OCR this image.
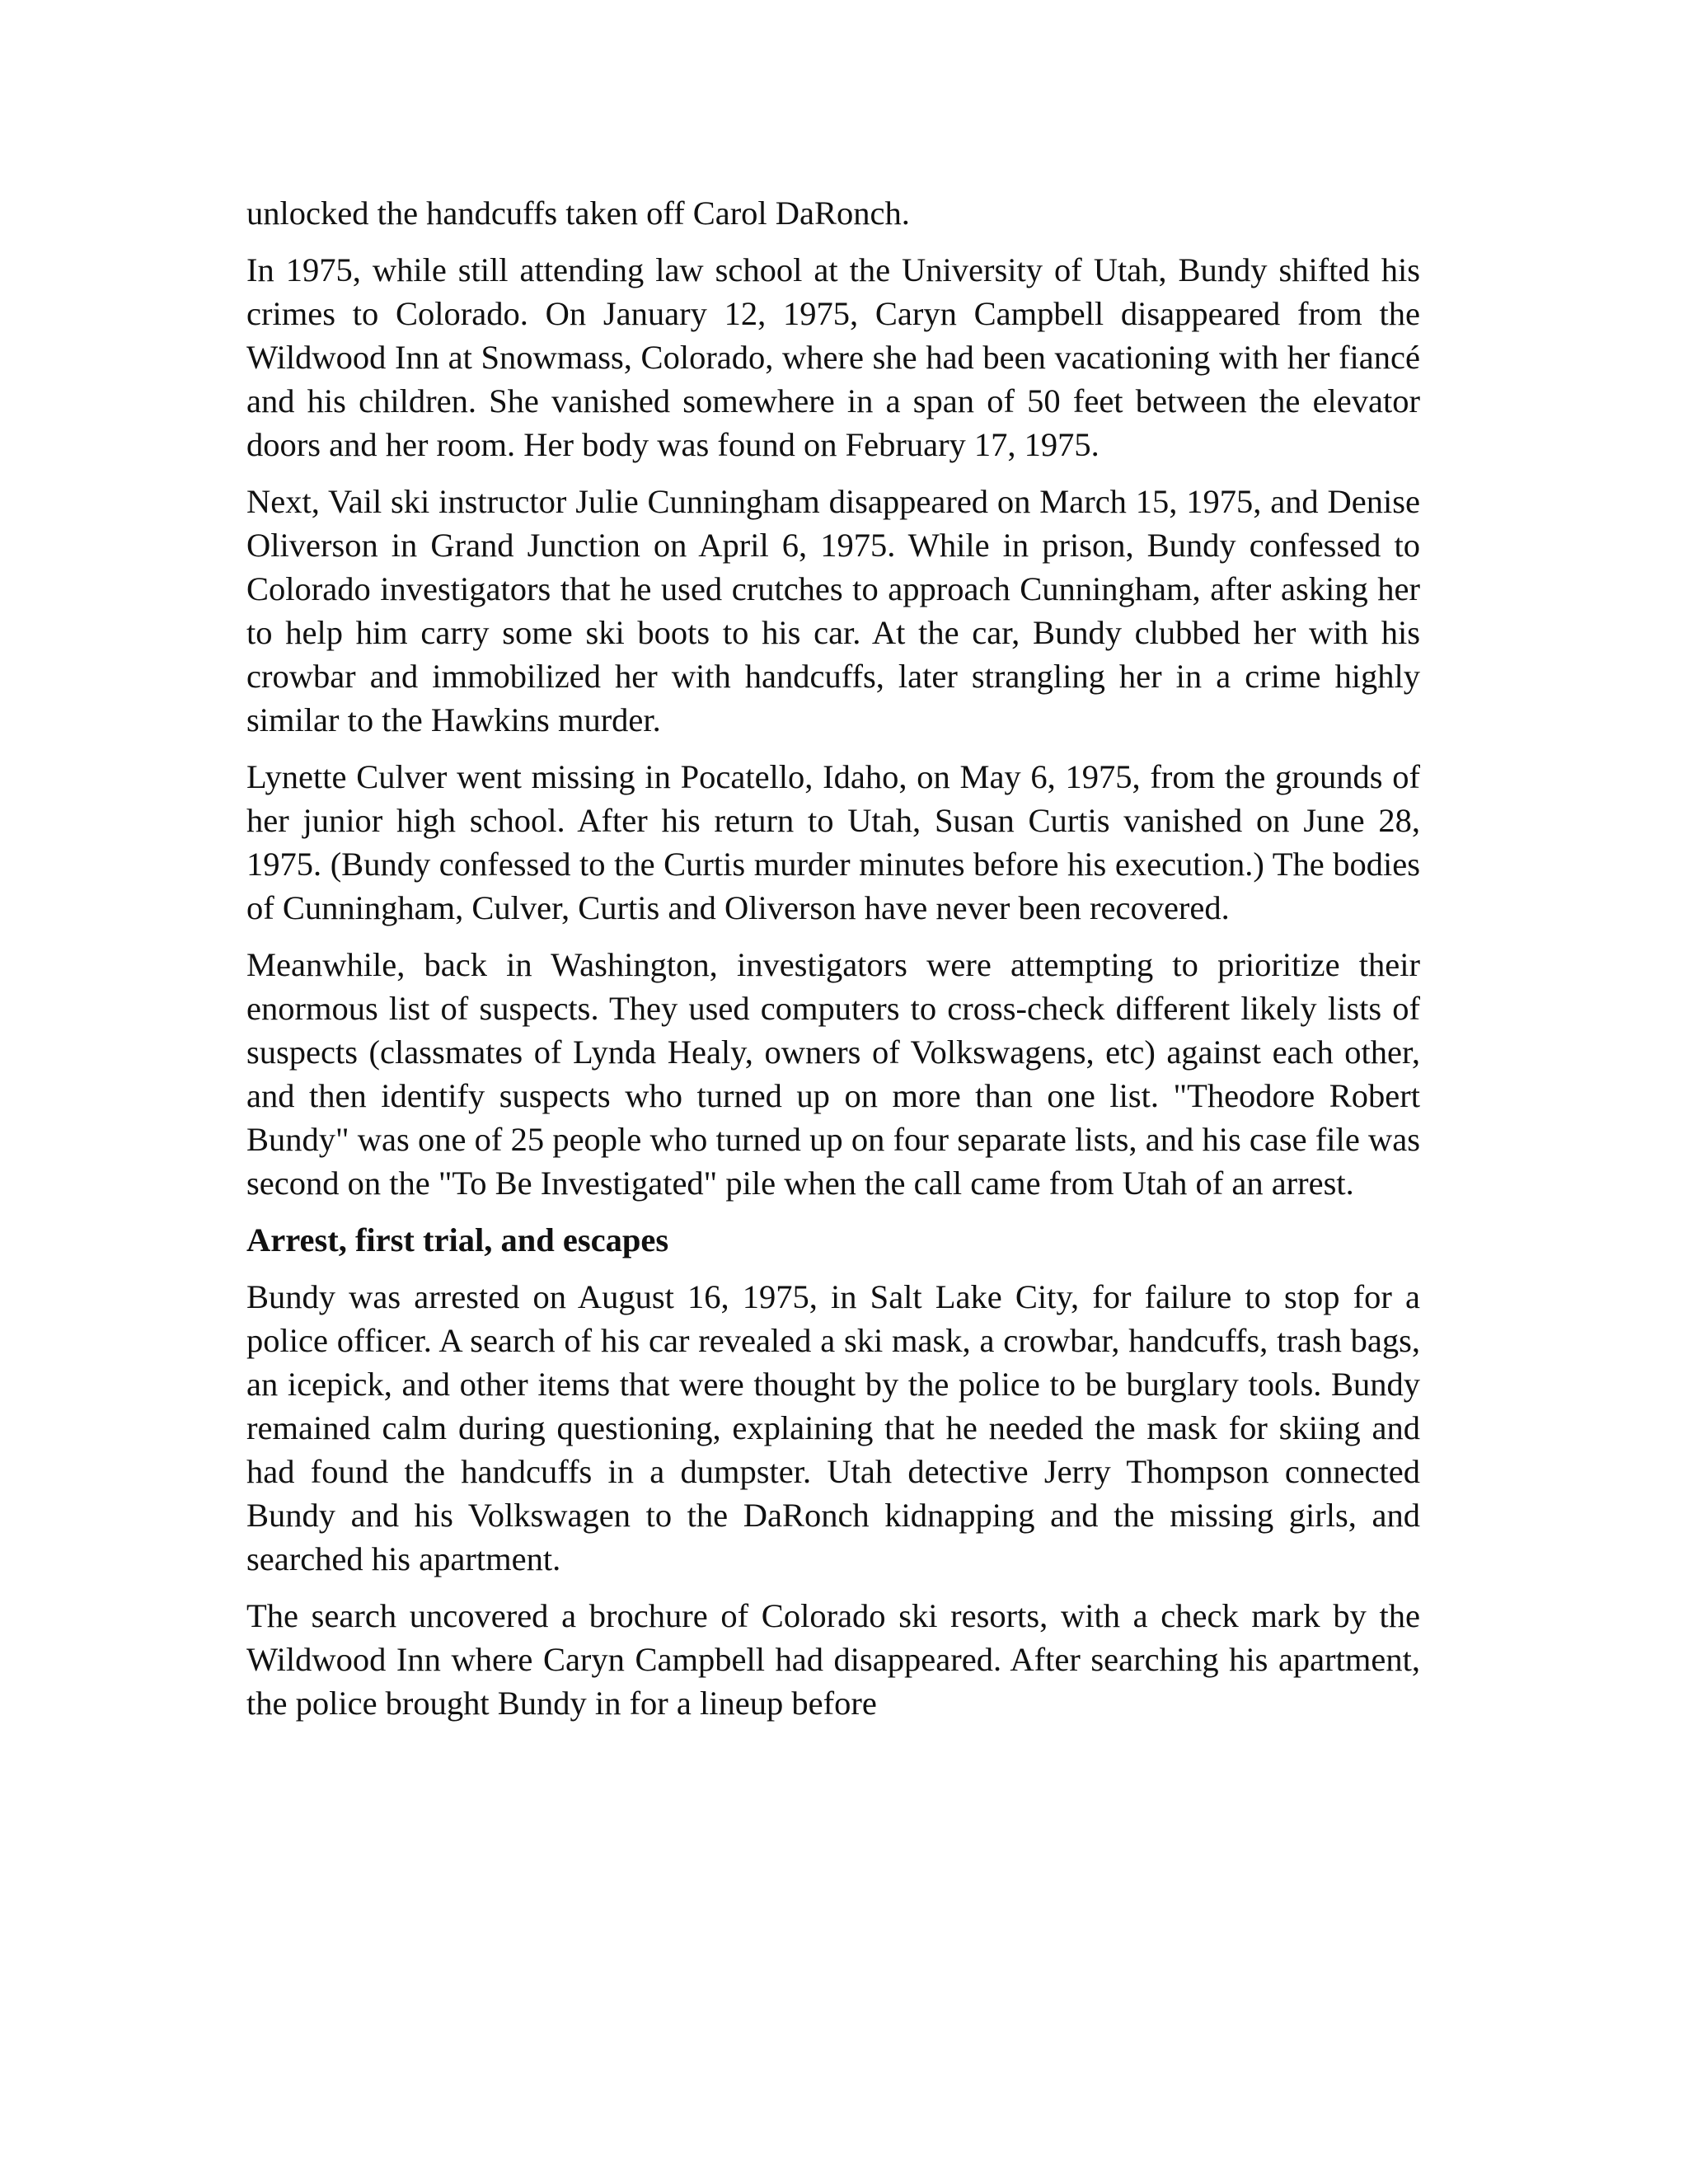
unlocked the handcuffs taken off Carol DaRonch.

In 1975, while still attending law school at the University of Utah, Bundy shifted his crimes to Colorado. On January 12, 1975, Caryn Campbell disappeared from the Wildwood Inn at Snowmass, Colorado, where she had been vacationing with her fiancé and his children. She vanished somewhere in a span of 50 feet between the elevator doors and her room. Her body was found on February 17, 1975.

Next, Vail ski instructor Julie Cunningham disappeared on March 15, 1975, and Denise Oliverson in Grand Junction on April 6, 1975. While in prison, Bundy confessed to Colorado investigators that he used crutches to approach Cunningham, after asking her to help him carry some ski boots to his car. At the car, Bundy clubbed her with his crowbar and immobilized her with handcuffs, later strangling her in a crime highly similar to the Hawkins murder.

Lynette Culver went missing in Pocatello, Idaho, on May 6, 1975, from the grounds of her junior high school. After his return to Utah, Susan Curtis vanished on June 28, 1975. (Bundy confessed to the Curtis murder minutes before his execution.) The bodies of Cunningham, Culver, Curtis and Oliverson have never been recovered.

Meanwhile, back in Washington, investigators were attempting to prioritize their enormous list of suspects. They used computers to cross-check different likely lists of suspects (classmates of Lynda Healy, owners of Volkswagens, etc) against each other, and then identify suspects who turned up on more than one list. "Theodore Robert Bundy" was one of 25 people who turned up on four separate lists, and his case file was second on the "To Be Investigated" pile when the call came from Utah of an arrest.

Arrest, first trial, and escapes

Bundy was arrested on August 16, 1975, in Salt Lake City, for failure to stop for a police officer. A search of his car revealed a ski mask, a crowbar, handcuffs, trash bags, an icepick, and other items that were thought by the police to be burglary tools. Bundy remained calm during questioning, explaining that he needed the mask for skiing and had found the handcuffs in a dumpster. Utah detective Jerry Thompson connected Bundy and his Volkswagen to the DaRonch kidnapping and the missing girls, and searched his apartment.

The search uncovered a brochure of Colorado ski resorts, with a check mark by the Wildwood Inn where Caryn Campbell had disappeared. After searching his apartment, the police brought Bundy in for a lineup before
